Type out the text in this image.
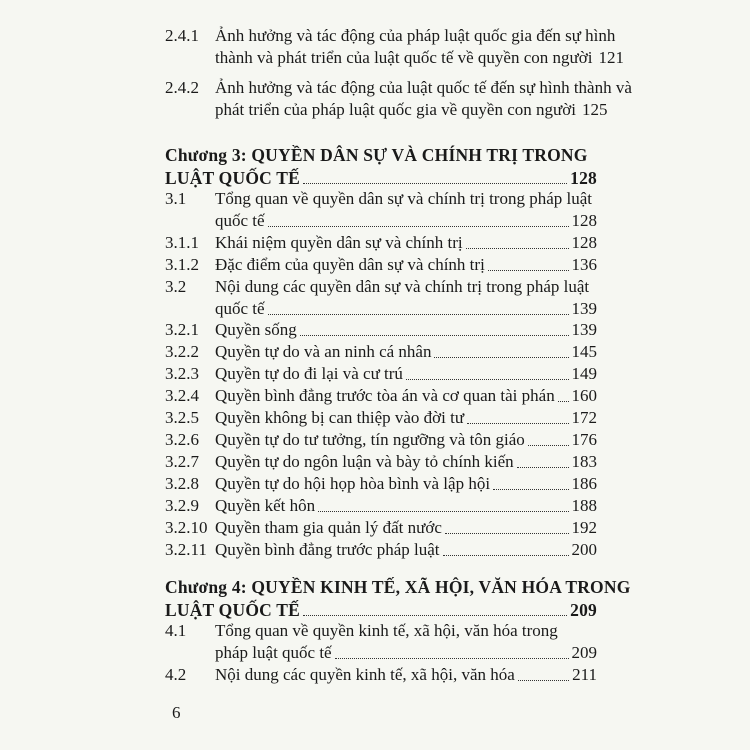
2.4.1 Ảnh hưởng và tác động của pháp luật quốc gia đến sự hình
thành và phát triển của luật quốc tế về quyền con người 121
2.4.2 Ảnh hưởng và tác động của luật quốc tế đến sự hình thành và
phát triển của pháp luật quốc gia về quyền con người 125
Chương 3: QUYỀN DÂN SỰ VÀ CHÍNH TRỊ TRONG
LUẬT QUỐC TẾ	128
3.1 Tổng quan về quyền dân sự và chính trị trong pháp luật
quốc tế	128
3.1.1 Khái niệm quyền dân sự và chính trị	128
3.1.2 Đặc điểm của quyền dân sự và chính trị	136
3.2 Nội dung các quyền dân sự và chính trị trong pháp luật
quốc tế	139
3.2.1 Quyền sống	139
3.2.2 Quyền tự do và an ninh cá nhân	145
3.2.3 Quyền tự do đi lại và cư trú	149
3.2.4 Quyền bình đẳng trước tòa án và cơ quan tài phán 160
3.2.5 Quyền không bị can thiệp vào đời tư	172
3.2.6 Quyền tự do tư tưởng, tín ngưỡng và tôn giáo	176
3.2.7 Quyền tự do ngôn luận và bày tỏ chính kiến	183
3.2.8 Quyền tự do hội họp hòa bình và lập hội	186
3.2.9 Quyền kết hôn	188
3.2.10 Quyền tham gia quản lý đất nước	192
3.2.11 Quyền bình đẳng trước pháp luật	200
Chương 4: QUYỀN KINH TẾ, XÃ HỘI, VĂN HÓA TRONG
LUẬT QUỐC TẾ	209
4.1 Tổng quan về quyền kinh tế, xã hội, văn hóa trong
pháp luật quốc tế	209
4.2 Nội dung các quyền kinh tế, xã hội, văn hóa	211
6
